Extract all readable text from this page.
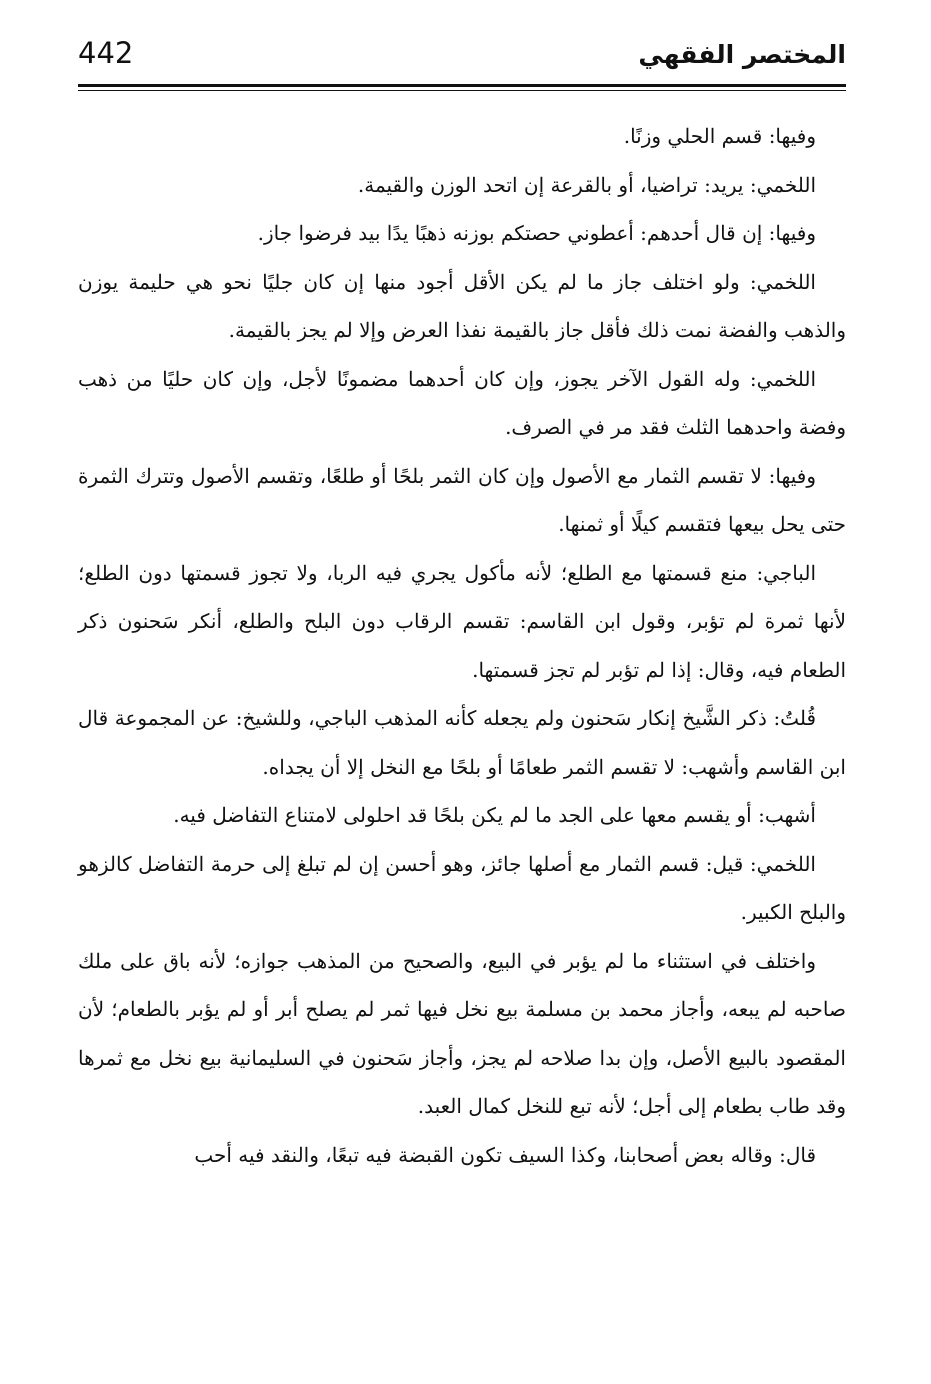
442	المختصر الفقهي

وفيها: قسم الحلي وزنًا.

اللخمي: يريد: تراضيا، أو بالقرعة إن اتحد الوزن والقيمة.

وفيها: إن قال أحدهم: أعطوني حصتكم بوزنه ذهبًا يدًا بيد فرضوا جاز.

اللخمي: ولو اختلف جاز ما لم يكن الأقل أجود منها إن كان جليًا نحو هي حليمة يوزن والذهب والفضة نمت ذلك فأقل جاز بالقيمة نفذا العرض وإلا لم يجز بالقيمة.

اللخمي: وله القول الآخر يجوز، وإن كان أحدهما مضمونًا لأجل، وإن كان حليًا من ذهب وفضة واحدهما الثلث فقد مر في الصرف.

وفيها: لا تقسم الثمار مع الأصول وإن كان الثمر بلحًا أو طلعًا، وتقسم الأصول وتترك الثمرة حتى يحل بيعها فتقسم كيلًا أو ثمنها.

الباجي: منع قسمتها مع الطلع؛ لأنه مأكول يجري فيه الربا، ولا تجوز قسمتها دون الطلع؛ لأنها ثمرة لم تؤبر، وقول ابن القاسم: تقسم الرقاب دون البلح والطلع، أنكر سَحنون ذكر الطعام فيه، وقال: إذا لم تؤبر لم تجز قسمتها.

قُلتُ: ذكر الشَّيخ إنكار سَحنون ولم يجعله كأنه المذهب الباجي، وللشيخ: عن المجموعة قال ابن القاسم وأشهب: لا تقسم الثمر طعامًا أو بلحًا مع النخل إلا أن يجداه.

أشهب: أو يقسم معها على الجد ما لم يكن بلحًا قد احلولى لامتناع التفاضل فيه.

اللخمي: قيل: قسم الثمار مع أصلها جائز، وهو أحسن إن لم تبلغ إلى حرمة التفاضل كالزهو والبلح الكبير.

واختلف في استثناء ما لم يؤبر في البيع، والصحيح من المذهب جوازه؛ لأنه باق على ملك صاحبه لم يبعه، وأجاز محمد بن مسلمة بيع نخل فيها ثمر لم يصلح أبر أو لم يؤبر بالطعام؛ لأن المقصود بالبيع الأصل، وإن بدا صلاحه لم يجز، وأجاز سَحنون في السليمانية بيع نخل مع ثمرها وقد طاب بطعام إلى أجل؛ لأنه تبع للنخل كمال العبد.

قال: وقاله بعض أصحابنا، وكذا السيف تكون القبضة فيه تبعًا، والنقد فيه أحب
